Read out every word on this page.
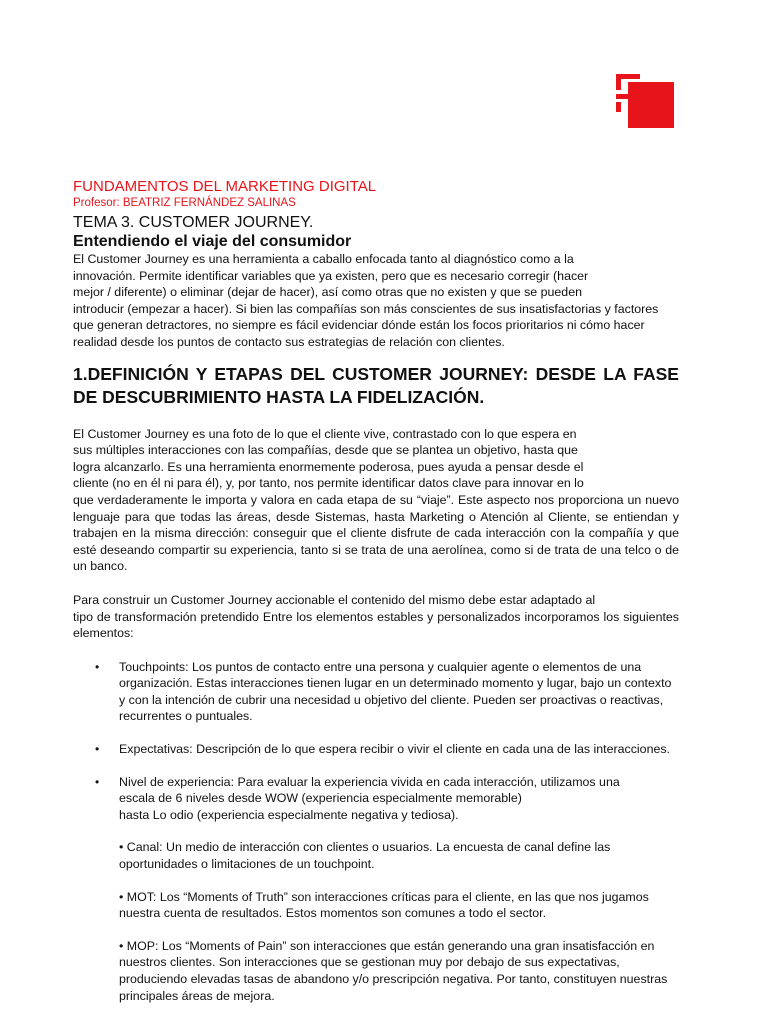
FUNDAMENTOS DEL MARKETING DIGITAL
Profesor: BEATRIZ FERNÁNDEZ SALINAS
TEMA 3. CUSTOMER JOURNEY.
Entendiendo el viaje del consumidor
El Customer Journey es una herramienta a caballo enfocada tanto al diagnóstico como a la
innovación. Permite identificar variables que ya existen, pero que es necesario corregir (hacer
mejor / diferente) o eliminar (dejar de hacer), así como otras que no existen y que se pueden
introducir (empezar a hacer). Si bien las compañías son más conscientes de sus insatisfactorias y factores
que generan detractores, no siempre es fácil evidenciar dónde están los focos prioritarios ni cómo hacer
realidad desde los puntos de contacto sus estrategias de relación con clientes.
1.DEFINICIÓN Y ETAPAS DEL CUSTOMER JOURNEY: DESDE LA FASE DE DESCUBRIMIENTO HASTA LA FIDELIZACIÓN.
El Customer Journey es una foto de lo que el cliente vive, contrastado con lo que espera en
sus múltiples interacciones con las compañías, desde que se plantea un objetivo, hasta que
logra alcanzarlo. Es una herramienta enormemente poderosa, pues ayuda a pensar desde el
cliente (no en él ni para él), y, por tanto, nos permite identificar datos clave para innovar en lo
que verdaderamente le importa y valora en cada etapa de su “viaje”. Este aspecto nos proporciona un nuevo lenguaje para que todas las áreas, desde Sistemas, hasta Marketing o Atención al Cliente, se entiendan y trabajen en la misma dirección: conseguir que el cliente disfrute de cada interacción con la compañía y que esté deseando compartir su experiencia, tanto si se trata de una aerolínea, como si de trata de una telco o de un banco.
Para construir un Customer Journey accionable el contenido del mismo debe estar adaptado al
tipo de transformación pretendido Entre los elementos estables y personalizados incorporamos los siguientes elementos:
• Touchpoints: Los puntos de contacto entre una persona y cualquier agente o elementos de una organización. Estas interacciones tienen lugar en un determinado momento y lugar, bajo un contexto y con la intención de cubrir una necesidad u objetivo del cliente. Pueden ser proactivas o reactivas, recurrentes o puntuales.
• Expectativas: Descripción de lo que espera recibir o vivir el cliente en cada una de las interacciones.
• Nivel de experiencia: Para evaluar la experiencia vivida en cada interacción, utilizamos una
escala de 6 niveles desde WOW (experiencia especialmente memorable)
hasta Lo odio (experiencia especialmente negativa y tediosa).
• Canal: Un medio de interacción con clientes o usuarios. La encuesta de canal define las oportunidades o limitaciones de un touchpoint.
• MOT: Los “Moments of Truth” son interacciones críticas para el cliente, en las que nos jugamos nuestra cuenta de resultados. Estos momentos son comunes a todo el sector.
• MOP: Los “Moments of Pain” son interacciones que están generando una gran insatisfacción en nuestros clientes. Son interacciones que se gestionan muy por debajo de sus expectativas, produciendo elevadas tasas de abandono y/o prescripción negativa. Por tanto, constituyen nuestras principales áreas de mejora.
